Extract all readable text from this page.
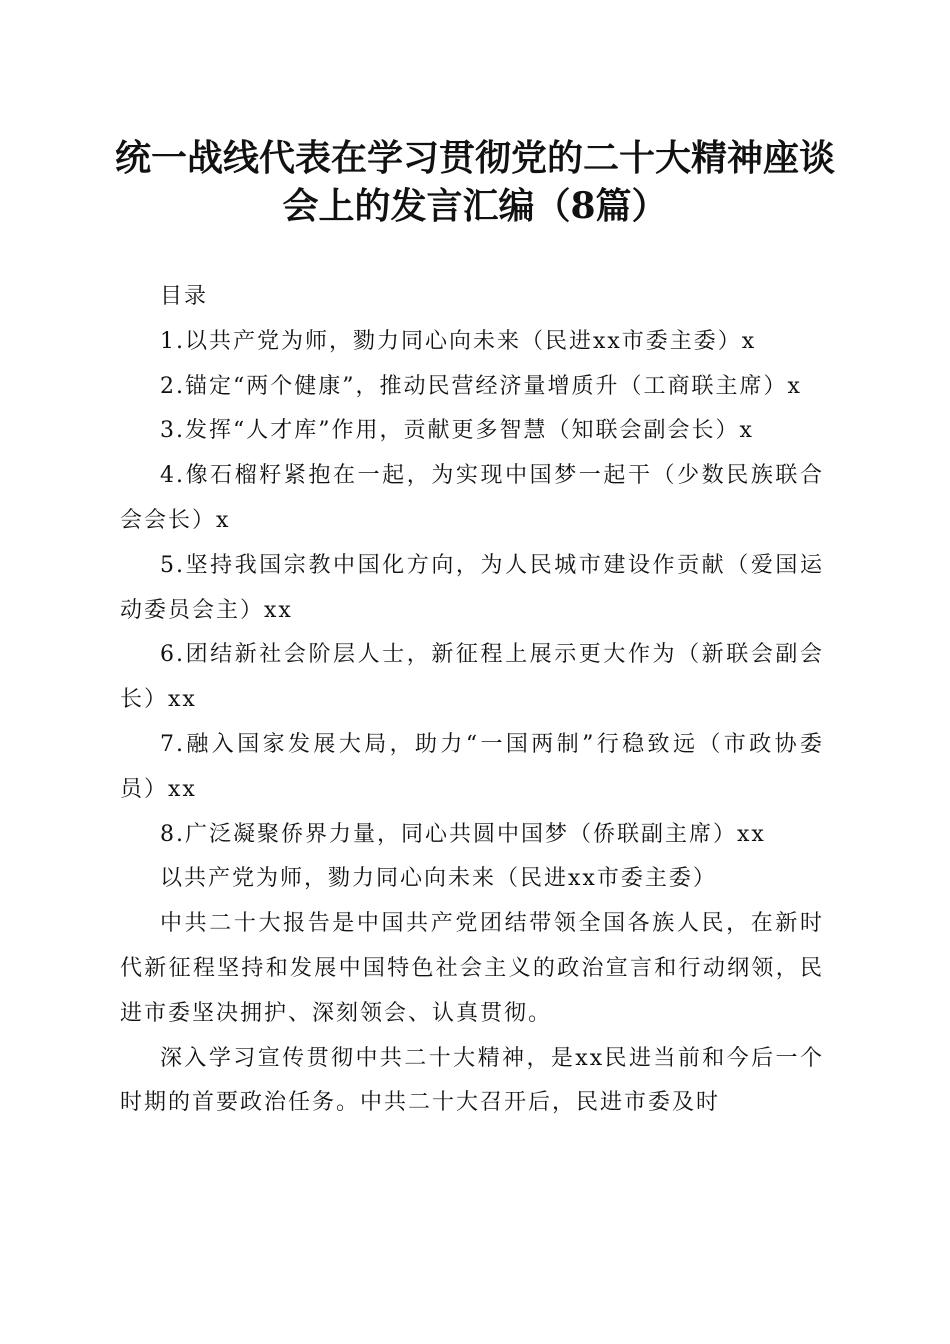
统一战线代表在学习贯彻党的二十大精神座谈会上的发言汇编（8篇）

目录

1.以共产党为师，勠力同心向未来（民进xx市委主委）x

2.锚定“两个健康”，推动民营经济量增质升（工商联主席）x

3.发挥“人才库”作用，贡献更多智慧（知联会副会长）x

4.像石榴籽紧抱在一起，为实现中国梦一起干（少数民族联合会会长）x

5.坚持我国宗教中国化方向，为人民城市建设作贡献（爱国运动委员会主）xx

6.团结新社会阶层人士，新征程上展示更大作为（新联会副会长）xx

7.融入国家发展大局，助力“一国两制”行稳致远（市政协委员）xx

8.广泛凝聚侨界力量，同心共圆中国梦（侨联副主席）xx

以共产党为师，勠力同心向未来（民进xx市委主委）

中共二十大报告是中国共产党团结带领全国各族人民，在新时代新征程坚持和发展中国特色社会主义的政治宣言和行动纲领，民进市委坚决拥护、深刻领会、认真贯彻。

深入学习宣传贯彻中共二十大精神，是xx民进当前和今后一个时期的首要政治任务。中共二十大召开后，民进市委及时
